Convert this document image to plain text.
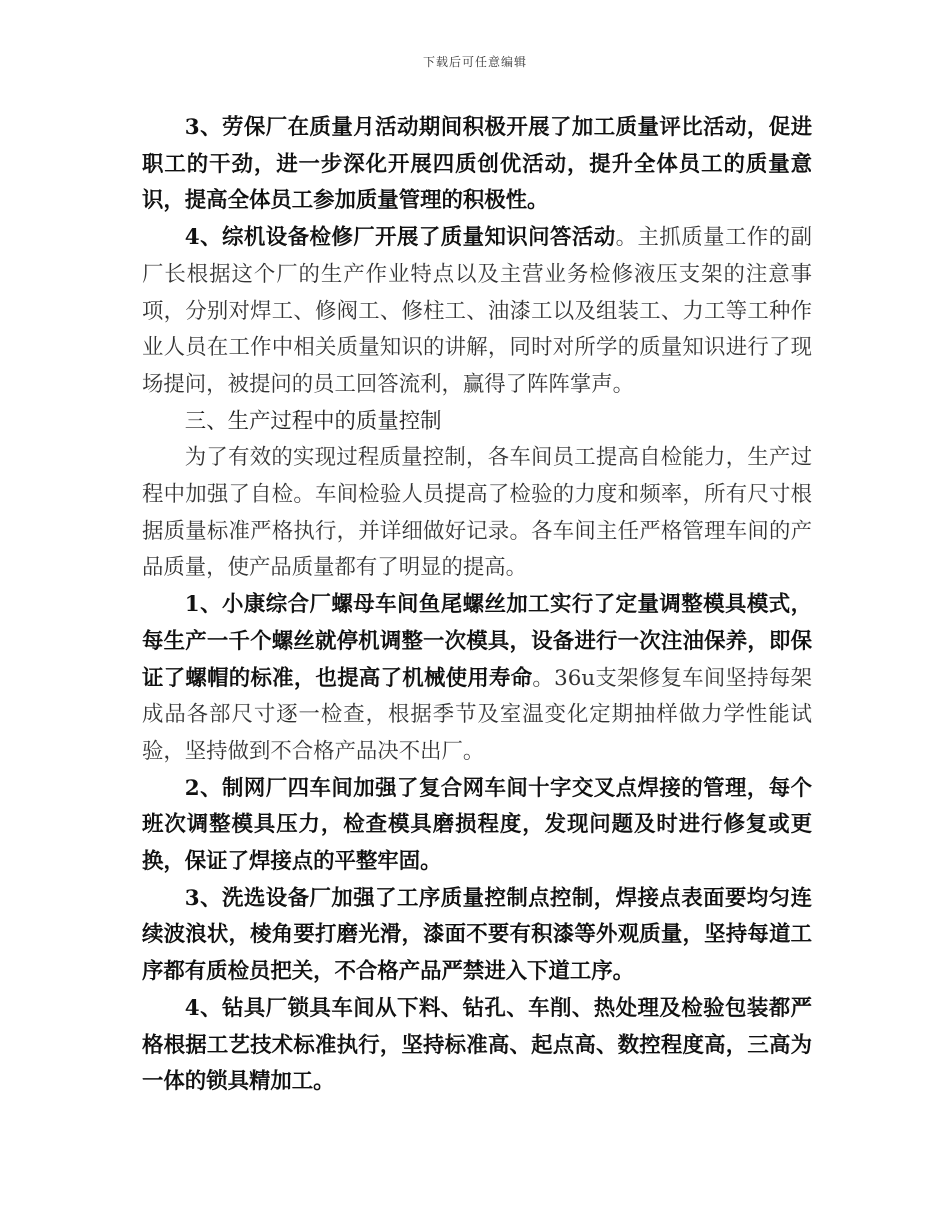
下载后可任意编辑

3、劳保厂在质量月活动期间积极开展了加工质量评比活动，促进职工的干劲，进一步深化开展四质创优活动，提升全体员工的质量意识，提高全体员工参加质量管理的积极性。

4、综机设备检修厂开展了质量知识问答活动。主抓质量工作的副厂长根据这个厂的生产作业特点以及主营业务检修液压支架的注意事项，分别对焊工、修阀工、修柱工、油漆工以及组装工、力工等工种作业人员在工作中相关质量知识的讲解，同时对所学的质量知识进行了现场提问，被提问的员工回答流利，赢得了阵阵掌声。

三、生产过程中的质量控制

为了有效的实现过程质量控制，各车间员工提高自检能力，生产过程中加强了自检。车间检验人员提高了检验的力度和频率，所有尺寸根据质量标准严格执行，并详细做好记录。各车间主任严格管理车间的产品质量，使产品质量都有了明显的提高。

1、小康综合厂螺母车间鱼尾螺丝加工实行了定量调整模具模式，每生产一千个螺丝就停机调整一次模具，设备进行一次注油保养，即保证了螺帽的标准，也提高了机械使用寿命。36u支架修复车间坚持每架成品各部尺寸逐一检查，根据季节及室温变化定期抽样做力学性能试验，坚持做到不合格产品决不出厂。

2、制网厂四车间加强了复合网车间十字交叉点焊接的管理，每个班次调整模具压力，检查模具磨损程度，发现问题及时进行修复或更换，保证了焊接点的平整牢固。

3、洗选设备厂加强了工序质量控制点控制，焊接点表面要均匀连续波浪状，棱角要打磨光滑，漆面不要有积漆等外观质量，坚持每道工序都有质检员把关，不合格产品严禁进入下道工序。

4、钻具厂锁具车间从下料、钻孔、车削、热处理及检验包装都严格根据工艺技术标准执行，坚持标准高、起点高、数控程度高，三高为一体的锁具精加工。
